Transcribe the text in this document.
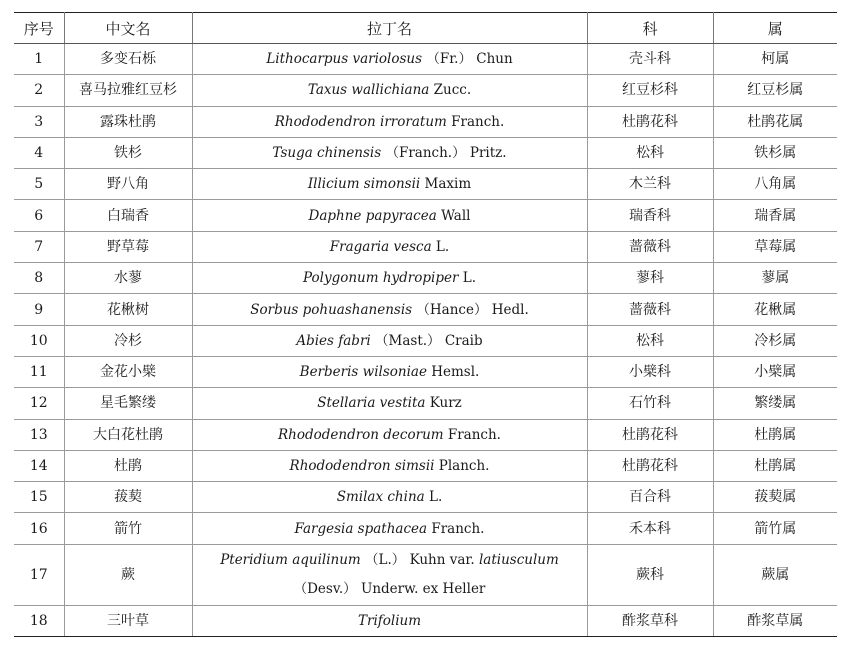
序号	中文名	拉丁名	科	属
1	多变石栎	Lithocarpus variolosus （Fr.） Chun	壳斗科	柯属
2	喜马拉雅红豆杉	Taxus wallichiana Zucc.	红豆杉科	红豆杉属
3	露珠杜鹃	Rhododendron irroratum Franch.	杜鹃花科	杜鹃花属
4	铁杉	Tsuga chinensis （Franch.） Pritz.	松科	铁杉属
5	野八角	Illicium simonsii Maxim	木兰科	八角属
6	白瑞香	Daphne papyracea Wall	瑞香科	瑞香属
7	野草莓	Fragaria vesca L.	蔷薇科	草莓属
8	水蓼	Polygonum hydropiper L.	蓼科	蓼属
9	花楸树	Sorbus pohuashanensis （Hance） Hedl.	蔷薇科	花楸属
10	冷杉	Abies fabri （Mast.） Craib	松科	冷杉属
11	金花小檗	Berberis wilsoniae Hemsl.	小檗科	小檗属
12	星毛繁缕	Stellaria vestita Kurz	石竹科	繁缕属
13	大白花杜鹃	Rhododendron decorum Franch.	杜鹃花科	杜鹃属
14	杜鹃	Rhododendron simsii Planch.	杜鹃花科	杜鹃属
15	菝葜	Smilax china L.	百合科	菝葜属
16	箭竹	Fargesia spathacea Franch.	禾本科	箭竹属
17	蕨	Pteridium aquilinum （L.） Kuhn var. latiusculum
（Desv.） Underw. ex Heller	蕨科	蕨属
18	三叶草	Trifolium	酢浆草科	酢浆草属
